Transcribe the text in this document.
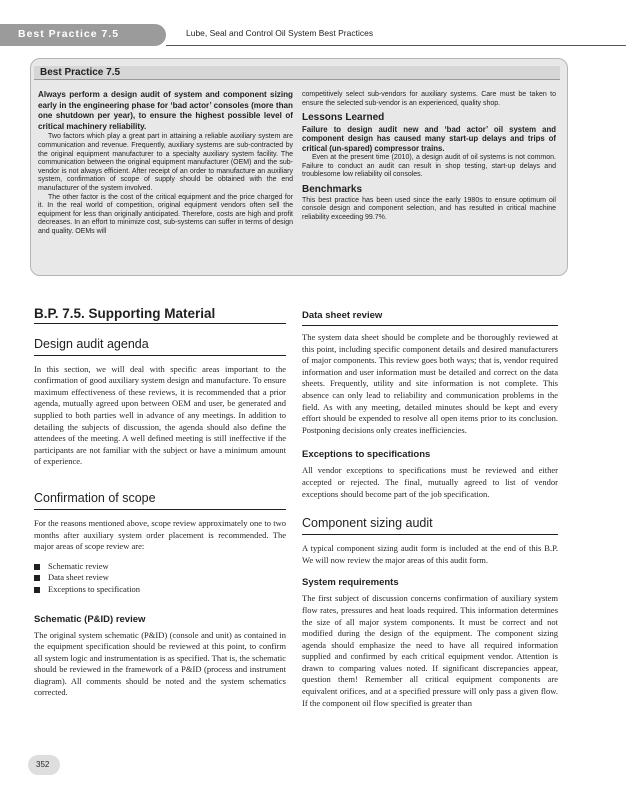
Best Practice 7.5	Lube, Seal and Control Oil System Best Practices
Best Practice 7.5
Always perform a design audit of system and component sizing early in the engineering phase for ‘bad actor’ consoles (more than one shutdown per year), to ensure the highest possible level of critical machinery reliability.
Two factors which play a great part in attaining a reliable auxiliary system are communication and revenue. Frequently, auxiliary systems are sub-contracted by the original equipment manufacturer to a specialty auxiliary system facility. The communication between the original equipment manufacturer (OEM) and the sub-vendor is not always efficient. After receipt of an order to manufacture an auxiliary system, confirmation of scope of supply should be obtained with the end manufacturer of the system involved.
The other factor is the cost of the critical equipment and the price charged for it. In the real world of competition, original equipment vendors often sell the equipment for less than originally anticipated. Therefore, costs are high and profit decreases. In an effort to minimize cost, sub-systems can suffer in terms of design and quality. OEMs will
competitively select sub-vendors for auxiliary systems. Care must be taken to ensure the selected sub-vendor is an experienced, quality shop.
Lessons Learned
Failure to design audit new and ‘bad actor’ oil system and component design has caused many start-up delays and trips of critical (un-spared) compressor trains.
Even at the present time (2010), a design audit of oil systems is not common. Failure to conduct an audit can result in shop testing, start-up delays and troublesome low reliability oil consoles.
Benchmarks
This best practice has been used since the early 1980s to ensure optimum oil console design and component selection, and has resulted in critical machine reliability exceeding 99.7%.
B.P. 7.5. Supporting Material
Design audit agenda

In this section, we will deal with specific areas important to the confirmation of good auxiliary system design and manufacture. To ensure maximum effectiveness of these reviews, it is recommended that a prior agenda, mutually agreed upon between OEM and user, be generated and supplied to both parties well in advance of any meetings. In addition to detailing the subjects of discussion, the agenda should also define the attendees of the meeting. A well defined meeting is still ineffective if the participants are not familiar with the subject or have a minimum amount of experience.

Confirmation of scope

For the reasons mentioned above, scope review approximately one to two months after auxiliary system order placement is recommended. The major areas of scope review are:

Schematic review
Data sheet review
Exceptions to specification
Schematic (P&ID) review

The original system schematic (P&ID) (console and unit) as contained in the equipment specification should be reviewed at this point, to confirm all system logic and instrumentation is as specified. That is, the schematic should be reviewed in the framework of a P&ID (process and instrument diagram). All comments should be noted and the system schematics corrected.

Data sheet review

The system data sheet should be complete and be thoroughly reviewed at this point, including specific component details and desired manufacturers of major components. This review goes both ways; that is, vendor required information and user information must be detailed and correct on the data sheets. Frequently, utility and site information is not complete. This absence can only lead to reliability and communication problems in the field. As with any meeting, detailed minutes should be kept and every effort should be expended to resolve all open items prior to its conclusion. Postponing decisions only creates inefficiencies.

Exceptions to specifications

All vendor exceptions to specifications must be reviewed and either accepted or rejected. The final, mutually agreed to list of vendor exceptions should become part of the job specification.

Component sizing audit

A typical component sizing audit form is included at the end of this B.P. We will now review the major areas of this audit form.

System requirements

The first subject of discussion concerns confirmation of auxiliary system flow rates, pressures and heat loads required. This information determines the size of all major system components. It must be correct and not modified during the design of the equipment. The component sizing agenda should emphasize the need to have all required information supplied and confirmed by each critical equipment vendor. Attention is drawn to comparing values noted. If significant discrepancies appear, question them! Remember all critical equipment components are equivalent orifices, and at a specified pressure will only pass a given flow. If the component oil flow specified is greater than

352
